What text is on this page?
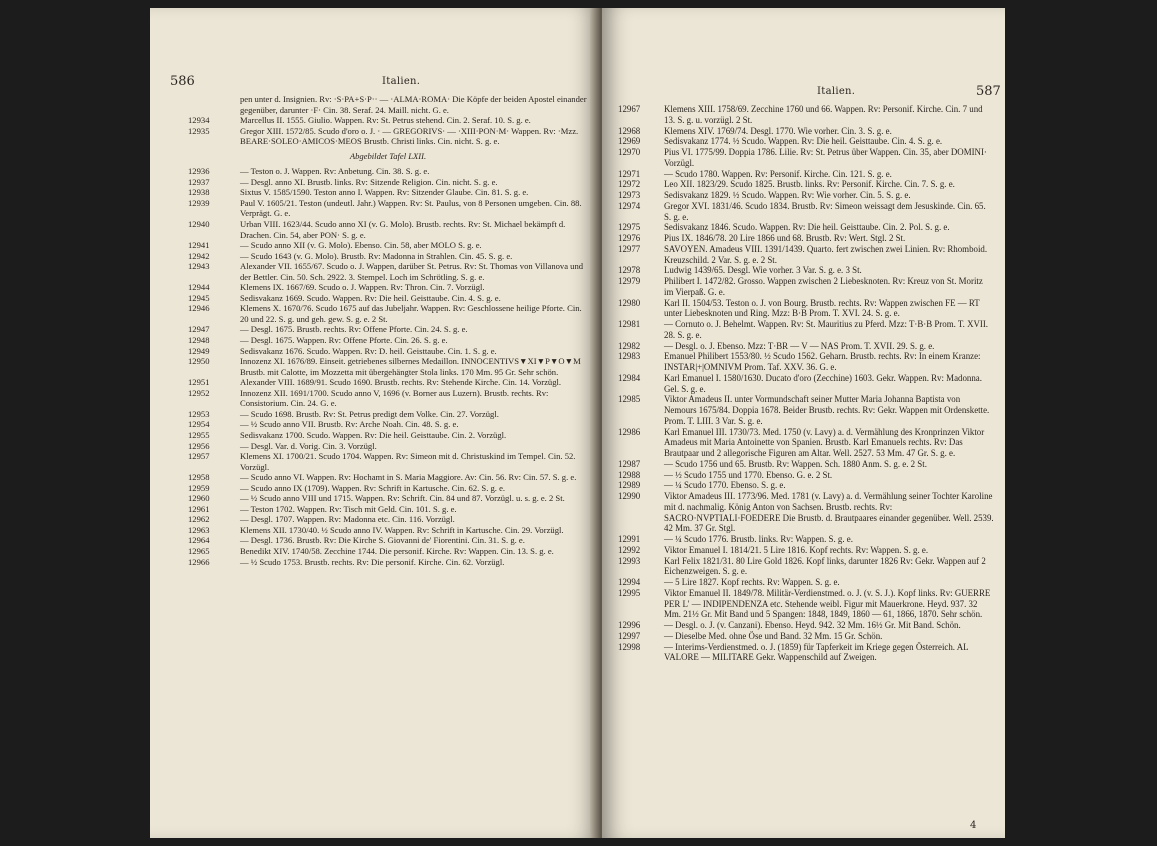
586	Italien.
pen unter d. Insignien. Rv: ·S·PA+S·P·· — ·ALMA·ROMA· Die Köpfe der beiden Apostel einander gegenüber, darunter ·F· Cin. 38. Seraf. 24. Maill. nicht. G. e.
12934	Marcellus II. 1555. Giulio. Wappen. Rv: St. Petrus stehend. Cin. 2. Seraf. 10. S. g. e.
12935	Gregor XIII. 1572/85. Scudo d'oro o. J. · — GREGORIVS· — ·XIII·PON·M· Wappen. Rv: ·Mzz. BEARE·SOLEO·AMICOS·MEOS Brustb. Christi links. Cin. nicht. S. g. e.
Abgebildet Tafel LXII.
12936	— Teston o. J. Wappen. Rv: Anbetung. Cin. 38. S. g. e.
12937	— Desgl. anno XI. Brustb. links. Rv: Sitzende Religion. Cin. nicht. S. g. e.
12938	Sixtus V. 1585/1590. Teston anno I. Wappen. Rv: Sitzender Glaube. Cin. 81. S. g. e.
12939	Paul V. 1605/21. Teston (undeutl. Jahr.) Wappen. Rv: St. Paulus, von 8 Personen umgeben. Cin. 88. Verprägt. G. e.
12940	Urban VIII. 1623/44. Scudo anno XI (v. G. Molo). Brustb. rechts. Rv: St. Michael bekämpft d. Drachen. Cin. 54, aber PON· S. g. e.
12941	— Scudo anno XII (v. G. Molo). Ebenso. Cin. 58, aber MOLO S. g. e.
12942	— Scudo 1643 (v. G. Molo). Brustb. Rv: Madonna in Strahlen. Cin. 45. S. g. e.
12943	Alexander VII. 1655/67. Scudo o. J. Wappen, darüber St. Petrus. Rv: St. Thomas von Villanova und der Bettler. Cin. 50. Sch. 2922. 3. Stempel. Loch im Schrötling. S. g. e.
12944	Klemens IX. 1667/69. Scudo o. J. Wappen. Rv: Thron. Cin. 7. Vorzügl.
12945	Sedisvakanz 1669. Scudo. Wappen. Rv: Die heil. Geisttaube. Cin. 4. S. g. e.
12946	Klemens X. 1670/76. Scudo 1675 auf das Jubeljahr. Wappen. Rv: Geschlossene heilige Pforte. Cin. 20 und 22. S. g. und geh. gew. S. g. e. 2 St.
12947	— Desgl. 1675. Brustb. rechts. Rv: Offene Pforte. Cin. 24. S. g. e.
12948	— Desgl. 1675. Wappen. Rv: Offene Pforte. Cin. 26. S. g. e.
12949	Sedisvakanz 1676. Scudo. Wappen. Rv: D. heil. Geisttaube. Cin. 1. S. g. e.
12950	Innozenz XI. 1676/89. Einseit. getriebenes silbernes Medaillon. INNOCENTIVS▼XI▼P▼O▼M Brustb. mit Calotte, im Mozzetta mit übergehängter Stola links. 170 Mm. 95 Gr. Sehr schön.
12951	Alexander VIII. 1689/91. Scudo 1690. Brustb. rechts. Rv: Stehende Kirche. Cin. 14. Vorzügl.
12952	Innozenz XII. 1691/1700. Scudo anno V, 1696 (v. Borner aus Luzern). Brustb. rechts. Rv: Consistorium. Cin. 24. G. e.
12953	— Scudo 1698. Brustb. Rv: St. Petrus predigt dem Volke. Cin. 27. Vorzügl.
12954	— ½ Scudo anno VII. Brustb. Rv: Arche Noah. Cin. 48. S. g. e.
12955	Sedisvakanz 1700. Scudo. Wappen. Rv: Die heil. Geisttaube. Cin. 2. Vorzügl.
12956	— Desgl. Var. d. Vorig. Cin. 3. Vorzügl.
12957	Klemens XI. 1700/21. Scudo 1704. Wappen. Rv: Simeon mit d. Christuskind im Tempel. Cin. 52. Vorzügl.
12958	— Scudo anno VI. Wappen. Rv: Hochamt in S. Maria Maggiore. Av: Cin. 56. Rv: Cin. 57. S. g. e.
12959	— Scudo anno IX (1709). Wappen. Rv: Schrift in Kartusche. Cin. 62. S. g. e.
12960	— ½ Scudo anno VIII und 1715. Wappen. Rv: Schrift. Cin. 84 und 87. Vorzügl. u. s. g. e. 2 St.
12961	— Teston 1702. Wappen. Rv: Tisch mit Geld. Cin. 101. S. g. e.
12962	— Desgl. 1707. Wappen. Rv: Madonna etc. Cin. 116. Vorzügl.
12963	Klemens XII. 1730/40. ½ Scudo anno IV. Wappen. Rv: Schrift in Kartusche. Cin. 29. Vorzügl.
12964	— Desgl. 1736. Brustb. Rv: Die Kirche S. Giovanni de' Fiorentini. Cin. 31. S. g. e.
12965	Benedikt XIV. 1740/58. Zecchine 1744. Die personif. Kirche. Rv: Wappen. Cin. 13. S. g. e.
12966	— ½ Scudo 1753. Brustb. rechts. Rv: Die personif. Kirche. Cin. 62. Vorzügl.
Italien.	587
12967	Klemens XIII. 1758/69. Zecchine 1760 und 66. Wappen. Rv: Personif. Kirche. Cin. 7 und 13. S. g. u. vorzügl. 2 St.
12968	Klemens XIV. 1769/74. Desgl. 1770. Wie vorher. Cin. 3. S. g. e.
12969	Sedisvakanz 1774. ½ Scudo. Wappen. Rv: Die heil. Geisttaube. Cin. 4. S. g. e.
12970	Pius VI. 1775/99. Doppia 1786. Lilie. Rv: St. Petrus über Wappen. Cin. 35, aber DOMINI· Vorzügl.
12971	— Scudo 1780. Wappen. Rv: Personif. Kirche. Cin. 121. S. g. e.
12972	Leo XII. 1823/29. Scudo 1825. Brustb. links. Rv: Personif. Kirche. Cin. 7. S. g. e.
12973	Sedisvakanz 1829. ½ Scudo. Wappen. Rv: Wie vorher. Cin. 5. S. g. e.
12974	Gregor XVI. 1831/46. Scudo 1834. Brustb. Rv: Simeon weissagt dem Jesuskinde. Cin. 65. S. g. e.
12975	Sedisvakanz 1846. Scudo. Wappen. Rv: Die heil. Geisttaube. Cin. 2. Pol. S. g. e.
12976	Pius IX. 1846/78. 20 Lire 1866 und 68. Brustb. Rv: Wert. Stgl. 2 St.
12977	SAVOYEN. Amadeus VIII. 1391/1439. Quarto. fert zwischen zwei Linien. Rv: Rhomboid. Kreuzschild. 2 Var. S. g. e. 2 St.
12978	Ludwig 1439/65. Desgl. Wie vorher. 3 Var. S. g. e. 3 St.
12979	Philibert I. 1472/82. Grosso. Wappen zwischen 2 Liebesknoten. Rv: Kreuz von St. Moritz im Vierpaß. G. e.
12980	Karl II. 1504/53. Teston o. J. von Bourg. Brustb. rechts. Rv: Wappen zwischen FE — RT unter Liebesknoten und Ring. Mzz: B·B Prom. T. XVI. 24. S. g. e.
12981	— Cornuto o. J. Behelmt. Wappen. Rv: St. Mauritius zu Pferd. Mzz: T·B·B Prom. T. XVII. 28. S. g. e.
12982	— Desgl. o. J. Ebenso. Mzz: T·BR — V — NAS Prom. T. XVII. 29. S. g. e.
12983	Emanuel Philibert 1553/80. ½ Scudo 1562. Geharn. Brustb. rechts. Rv: In einem Kranze: INSTAR|+|OMNIVM Prom. Taf. XXV. 36. G. e.
12984	Karl Emanuel I. 1580/1630. Ducato d'oro (Zecchine) 1603. Gekr. Wappen. Rv: Madonna. Gel. S. g. e.
12985	Viktor Amadeus II. unter Vormundschaft seiner Mutter Maria Johanna Baptista von Nemours 1675/84. Doppia 1678. Beider Brustb. rechts. Rv: Gekr. Wappen mit Ordenskette. Prom. T. LIII. 3 Var. S. g. e.
12986	Karl Emanuel III. 1730/73. Med. 1750 (v. Lavy) a. d. Vermählung des Kronprinzen Viktor Amadeus mit Maria Antoinette von Spanien. Brustb. Karl Emanuels rechts. Rv: Das Brautpaar und 2 allegorische Figuren am Altar. Well. 2527. 53 Mm. 47 Gr. S. g. e.
12987	— Scudo 1756 und 65. Brustb. Rv: Wappen. Sch. 1880 Anm. S. g. e. 2 St.
12988	— ½ Scudo 1755 und 1770. Ebenso. G. e. 2 St.
12989	— ¼ Scudo 1770. Ebenso. S. g. e.
12990	Viktor Amadeus III. 1773/96. Med. 1781 (v. Lavy) a. d. Vermählung seiner Tochter Karoline mit d. nachmalig. König Anton von Sachsen. Brustb. rechts. Rv: SACRO·NVPTIALI·FOEDERE Die Brustb. d. Brautpaares einander gegenüber. Well. 2539. 42 Mm. 37 Gr. Stgl.
12991	— ¼ Scudo 1776. Brustb. links. Rv: Wappen. S. g. e.
12992	Viktor Emanuel I. 1814/21. 5 Lire 1816. Kopf rechts. Rv: Wappen. S. g. e.
12993	Karl Felix 1821/31. 80 Lire Gold 1826. Kopf links, darunter 1826 Rv: Gekr. Wappen auf 2 Eichenzweigen. S. g. e.
12994	— 5 Lire 1827. Kopf rechts. Rv: Wappen. S. g. e.
12995	Viktor Emanuel II. 1849/78. Militär-Verdienstmed. o. J. (v. S. J.). Kopf links. Rv: GUERRE PER L' — INDIPENDENZA etc. Stehende weibl. Figur mit Mauerkrone. Heyd. 937. 32 Mm. 21½ Gr. Mit Band und 5 Spangen: 1848, 1849, 1860 — 61, 1866, 1870. Sehr schön.
12996	— Desgl. o. J. (v. Canzani). Ebenso. Heyd. 942. 32 Mm. 16½ Gr. Mit Band. Schön.
12997	— Dieselbe Med. ohne Öse und Band. 32 Mm. 15 Gr. Schön.
12998	— Interims-Verdienstmed. o. J. (1859) für Tapferkeit im Kriege gegen Österreich. AL VALORE — MILITARE Gekr. Wappenschild auf Zweigen.
4
